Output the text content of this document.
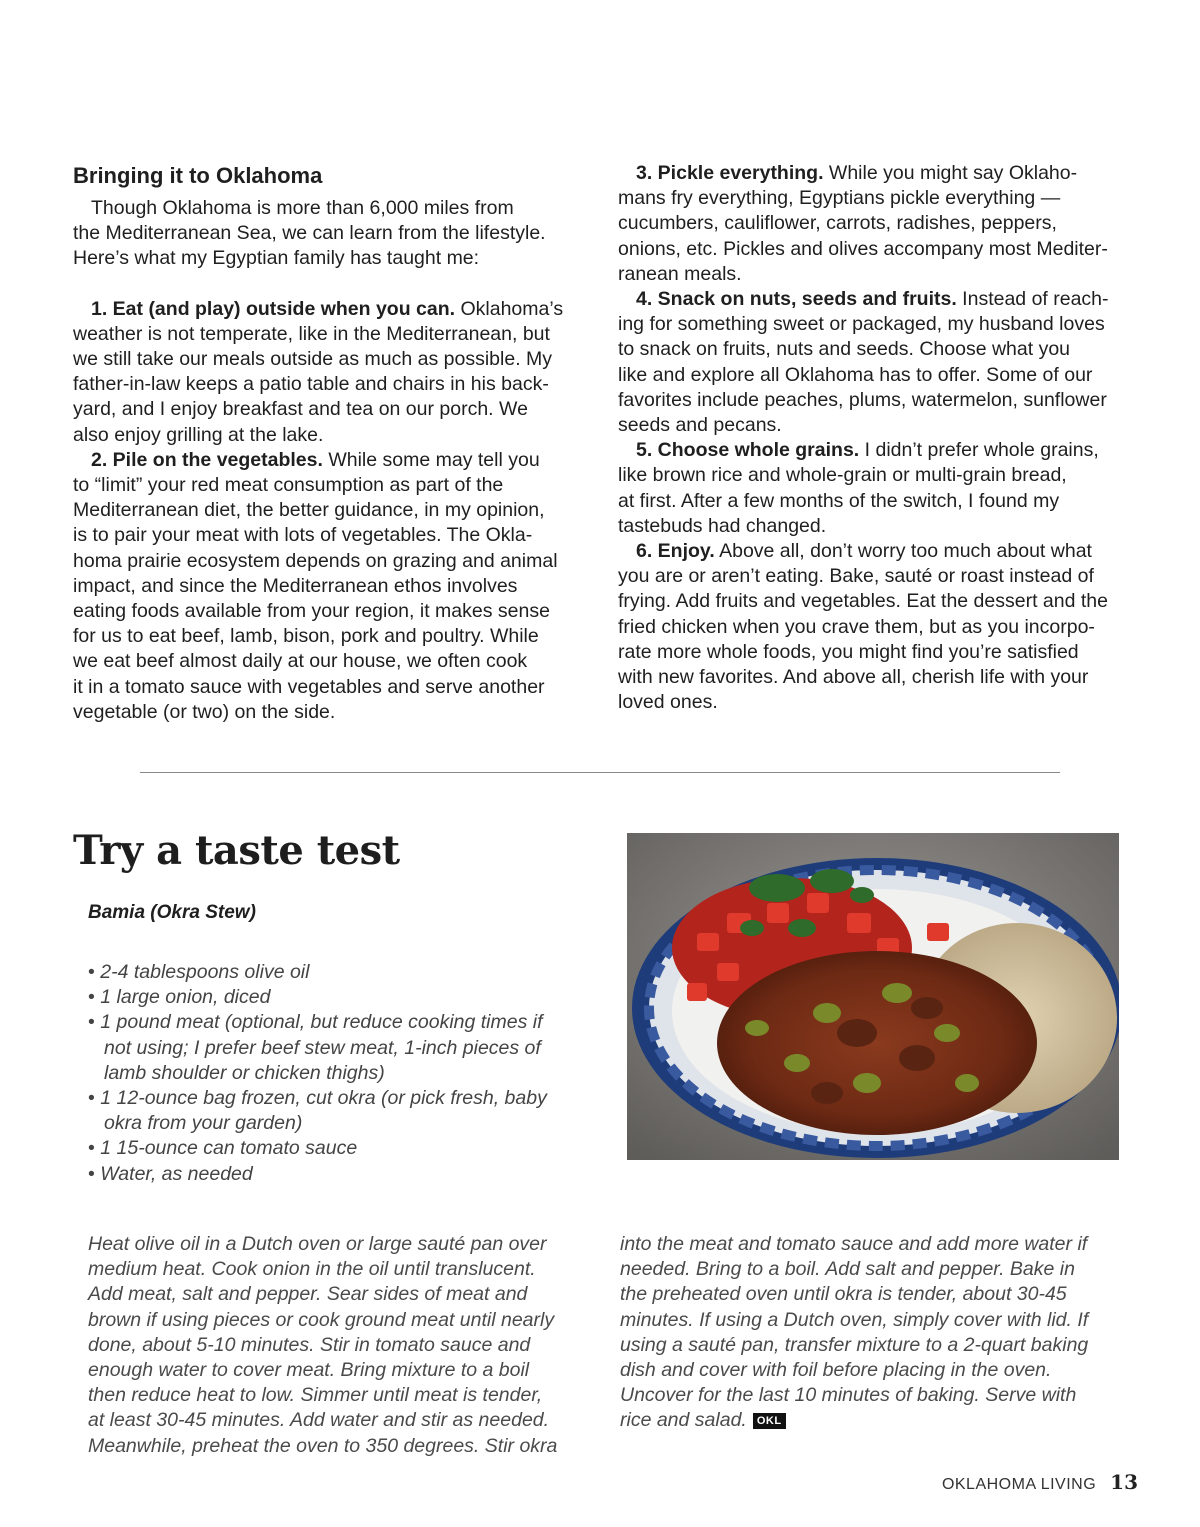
Bringing it to Oklahoma

Though Oklahoma is more than 6,000 miles from
the Mediterranean Sea, we can learn from the lifestyle.
Here’s what my Egyptian family has taught me:

1. Eat (and play) outside when you can. Oklahoma’s
weather is not temperate, like in the Mediterranean, but
we still take our meals outside as much as possible. My
father-in-law keeps a patio table and chairs in his back-
yard, and I enjoy breakfast and tea on our porch. We
also enjoy grilling at the lake.

2. Pile on the vegetables. While some may tell you
to “limit” your red meat consumption as part of the
Mediterranean diet, the better guidance, in my opinion,
is to pair your meat with lots of vegetables. The Okla-
homa prairie ecosystem depends on grazing and animal
impact, and since the Mediterranean ethos involves
eating foods available from your region, it makes sense
for us to eat beef, lamb, bison, pork and poultry. While
we eat beef almost daily at our house, we often cook
it in a tomato sauce with vegetables and serve another
vegetable (or two) on the side.

3. Pickle everything. While you might say Oklaho-
mans fry everything, Egyptians pickle everything —
cucumbers, cauliflower, carrots, radishes, peppers,
onions, etc. Pickles and olives accompany most Mediter-
ranean meals.

4. Snack on nuts, seeds and fruits. Instead of reach-
ing for something sweet or packaged, my husband loves
to snack on fruits, nuts and seeds. Choose what you
like and explore all Oklahoma has to offer. Some of our
favorites include peaches, plums, watermelon, sunflower
seeds and pecans.

5. Choose whole grains. I didn’t prefer whole grains,
like brown rice and whole-grain or multi-grain bread,
at first. After a few months of the switch, I found my
tastebuds had changed.

6. Enjoy. Above all, don’t worry too much about what
you are or aren’t eating. Bake, sauté or roast instead of
frying. Add fruits and vegetables. Eat the dessert and the
fried chicken when you crave them, but as you incorpo-
rate more whole foods, you might find you’re satisfied
with new favorites. And above all, cherish life with your
loved ones.

Try a taste test
Bamia (Okra Stew)
• 2-4 tablespoons olive oil
• 1 large onion, diced
• 1 pound meat (optional, but reduce cooking times if
not using; I prefer beef stew meat, 1-inch pieces of
lamb shoulder or chicken thighs)
• 1 12-ounce bag frozen, cut okra (or pick fresh, baby
okra from your garden)
• 1 15-ounce can tomato sauce
• Water, as needed

Heat olive oil in a Dutch oven or large sauté pan over
medium heat. Cook onion in the oil until translucent.
Add meat, salt and pepper. Sear sides of meat and
brown if using pieces or cook ground meat until nearly
done, about 5-10 minutes. Stir in tomato sauce and
enough water to cover meat. Bring mixture to a boil
then reduce heat to low. Simmer until meat is tender,
at least 30-45 minutes. Add water and stir as needed.
Meanwhile, preheat the oven to 350 degrees. Stir okra

into the meat and tomato sauce and add more water if
needed. Bring to a boil. Add salt and pepper. Bake in
the preheated oven until okra is tender, about 30-45
minutes. If using a Dutch oven, simply cover with lid. If
using a sauté pan, transfer mixture to a 2-quart baking
dish and cover with foil before placing in the oven.
Uncover for the last 10 minutes of baking. Serve with
rice and salad. OKL

OKLAHOMA LIVING 13
